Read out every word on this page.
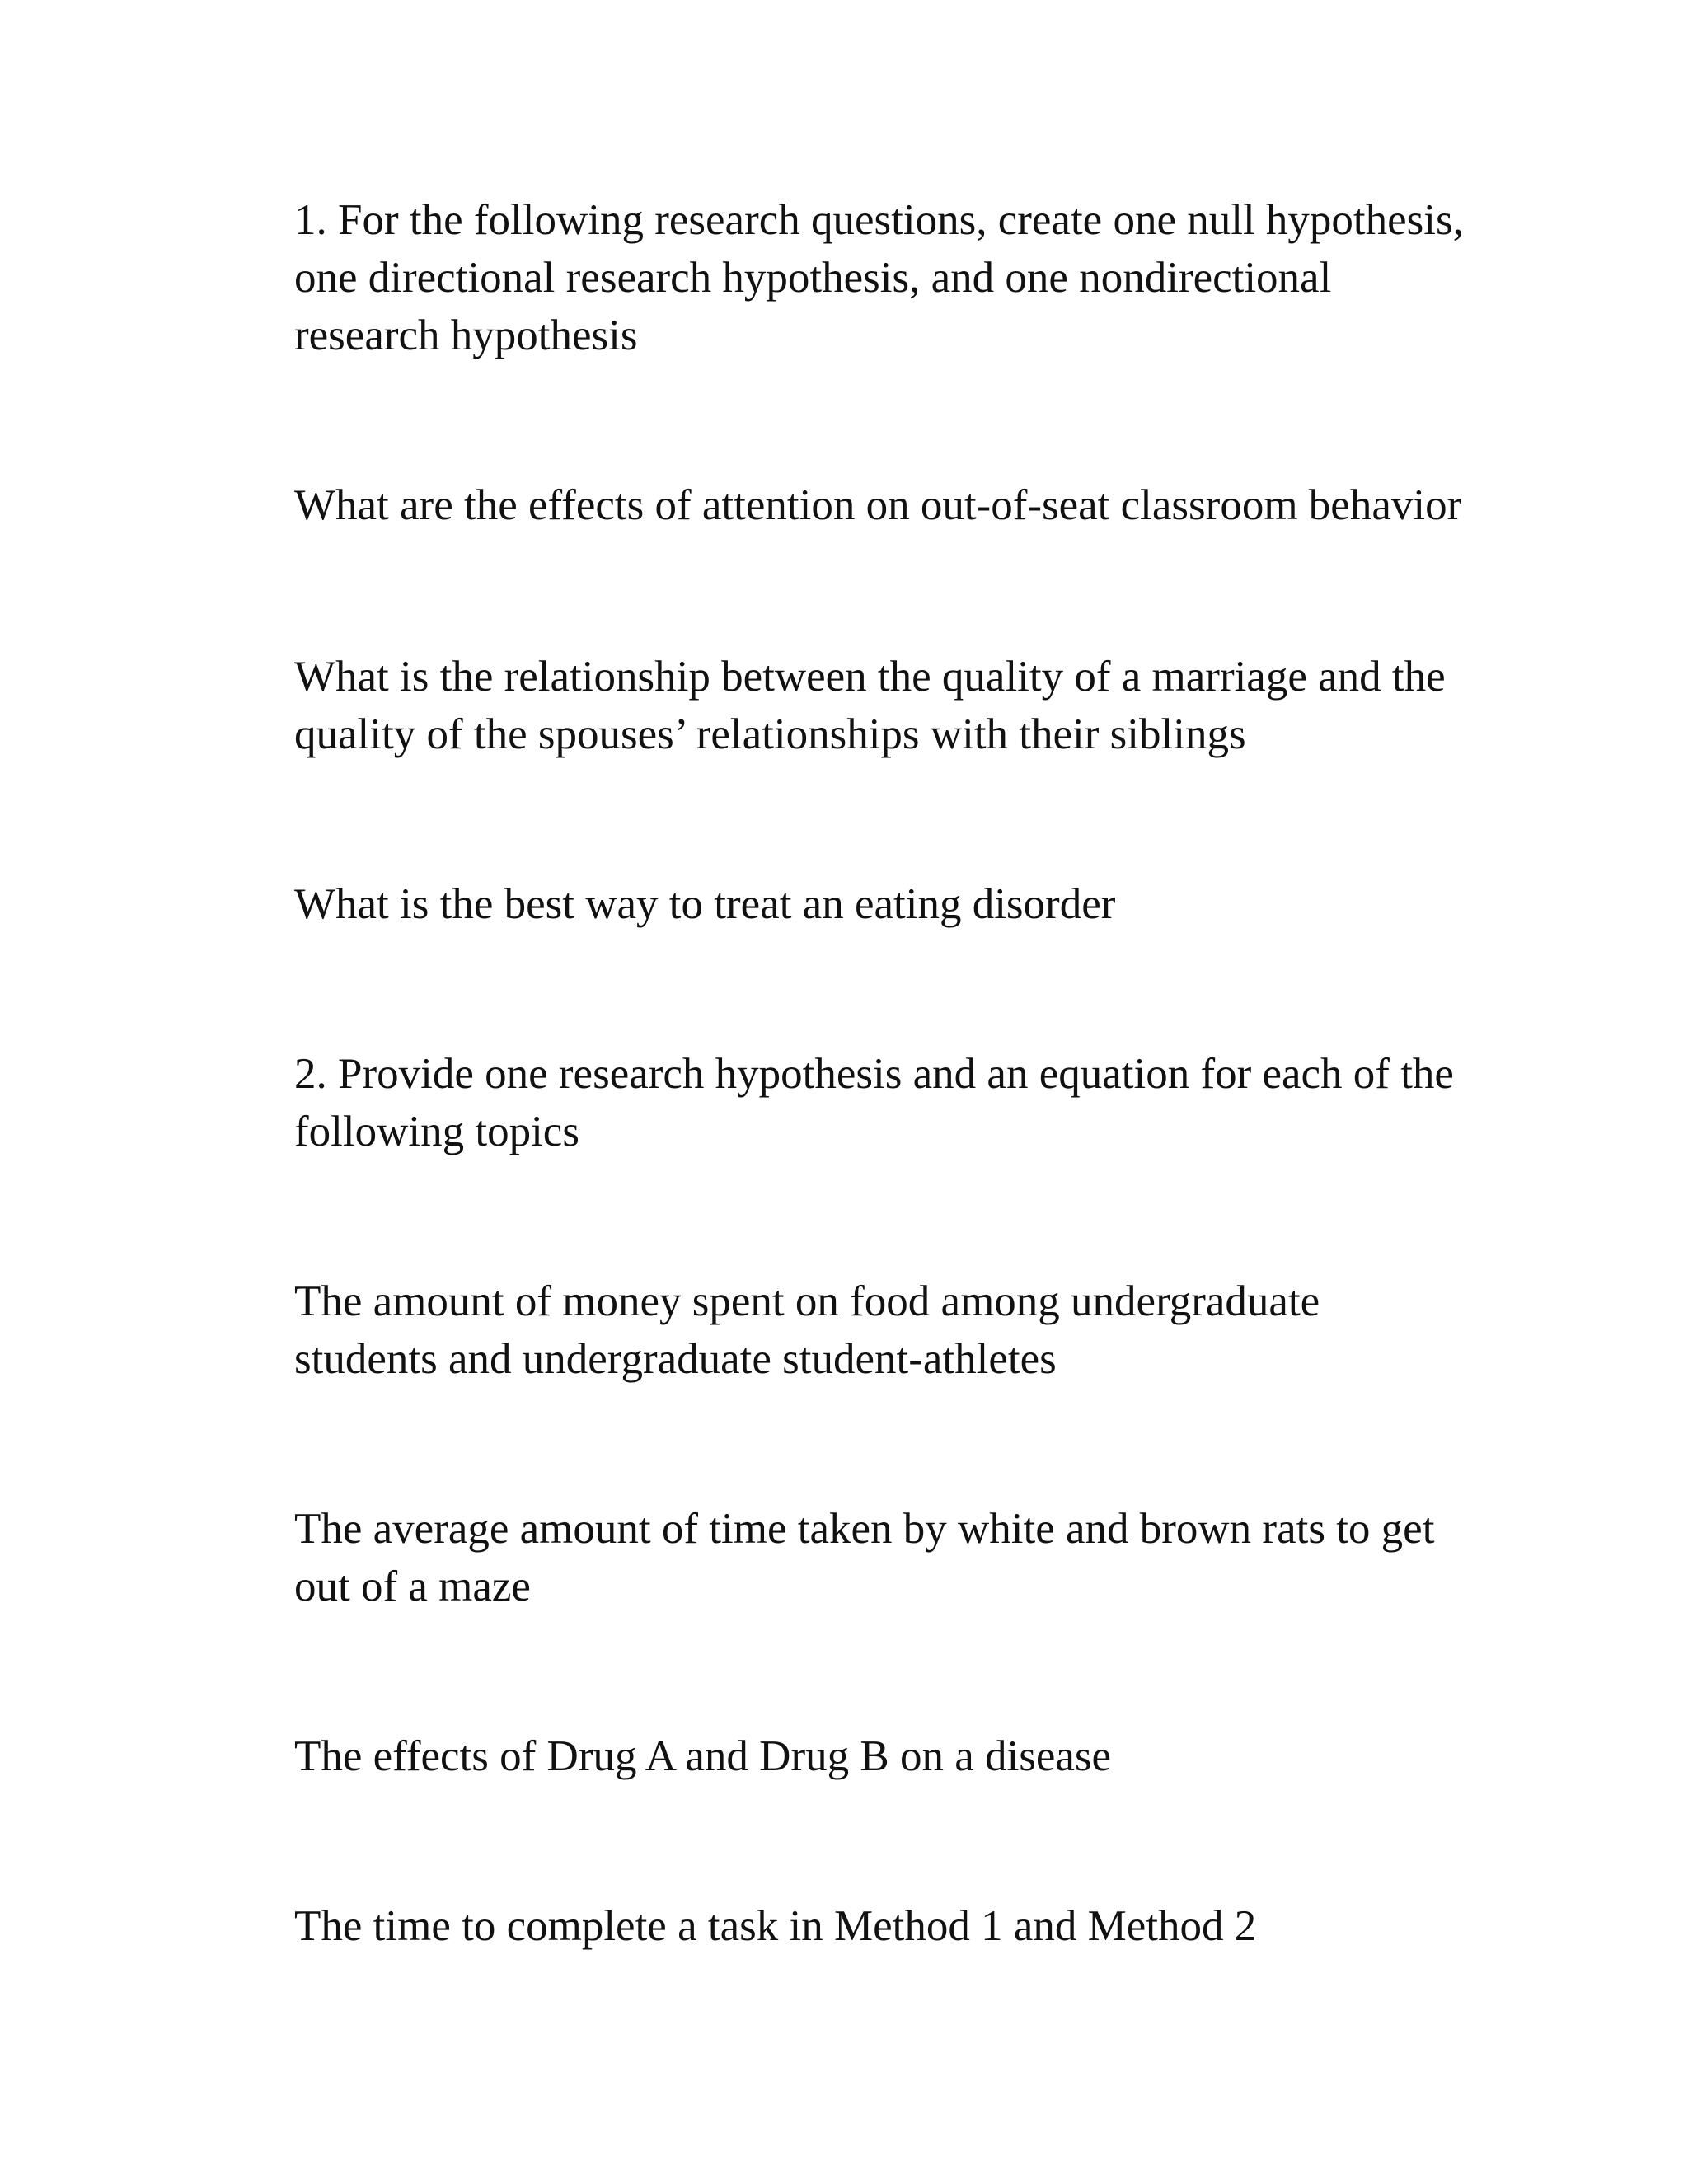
1. For the following research questions, create one null hypothesis,
one directional research hypothesis, and one nondirectional
research hypothesis

What are the effects of attention on out-of-seat classroom behavior

What is the relationship between the quality of a marriage and the
quality of the spouses’ relationships with their siblings

What is the best way to treat an eating disorder

2. Provide one research hypothesis and an equation for each of the
following topics

The amount of money spent on food among undergraduate
students and undergraduate student-athletes

The average amount of time taken by white and brown rats to get
out of a maze

The effects of Drug A and Drug B on a disease

The time to complete a task in Method 1 and Method 2
